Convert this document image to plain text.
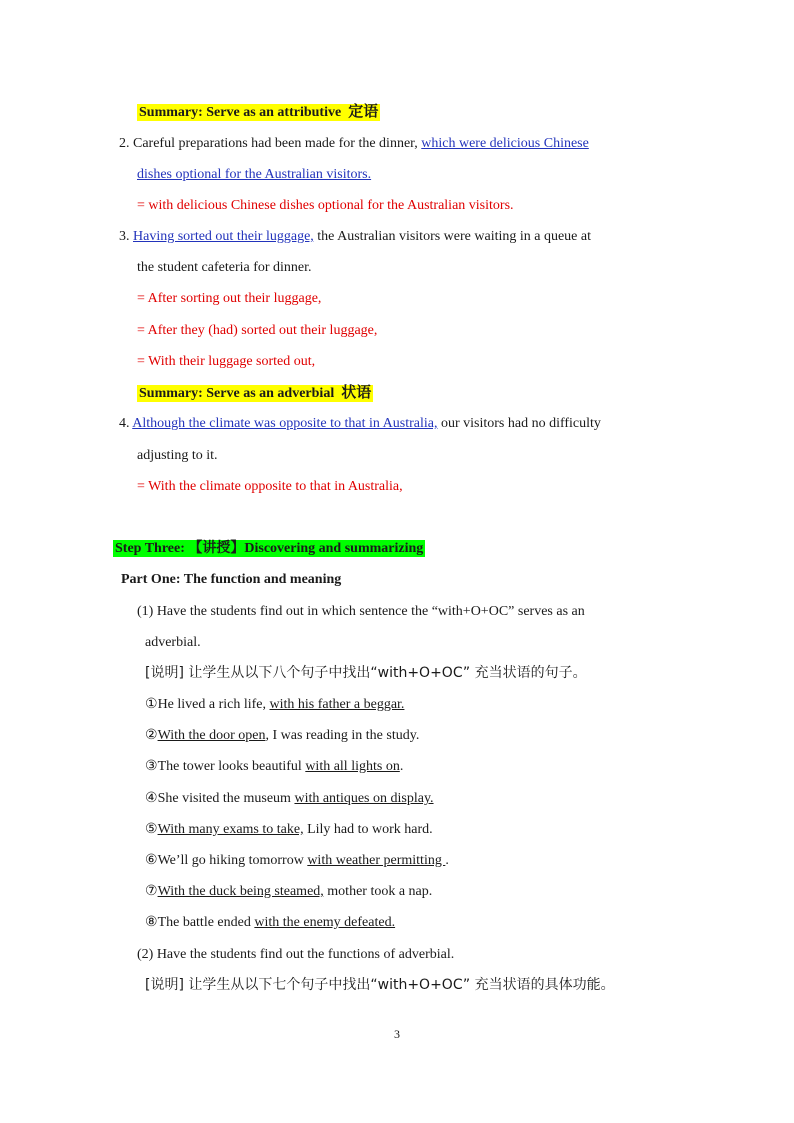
Summary: Serve as an attributive 定语
2. Careful preparations had been made for the dinner, which were delicious Chinese
dishes optional for the Australian visitors.
= with delicious Chinese dishes optional for the Australian visitors.
3. Having sorted out their luggage, the Australian visitors were waiting in a queue at
the student cafeteria for dinner.
= After sorting out their luggage,
= After they (had) sorted out their luggage,
= With their luggage sorted out,
Summary: Serve as an adverbial 状语
4. Although the climate was opposite to that in Australia, our visitors had no difficulty
adjusting to it.
= With the climate opposite to that in Australia,
Step Three: 【讲授】Discovering and summarizing
Part One: The function and meaning
(1) Have the students find out in which sentence the “with+O+OC” serves as an
adverbial.
[说明] 让学生从以下八个句子中找出“with+O+OC” 充当状语的句子。
①He lived a rich life, with his father a beggar.
②With the door open, I was reading in the study.
③The tower looks beautiful with all lights on.
④She visited the museum with antiques on display.
⑤With many exams to take, Lily had to work hard.
⑥We’ll go hiking tomorrow with weather permitting .
⑦With the duck being steamed, mother took a nap.
⑧The battle ended with the enemy defeated.
(2) Have the students find out the functions of adverbial.
[说明] 让学生从以下七个句子中找出“with+O+OC” 充当状语的具体功能。
3
